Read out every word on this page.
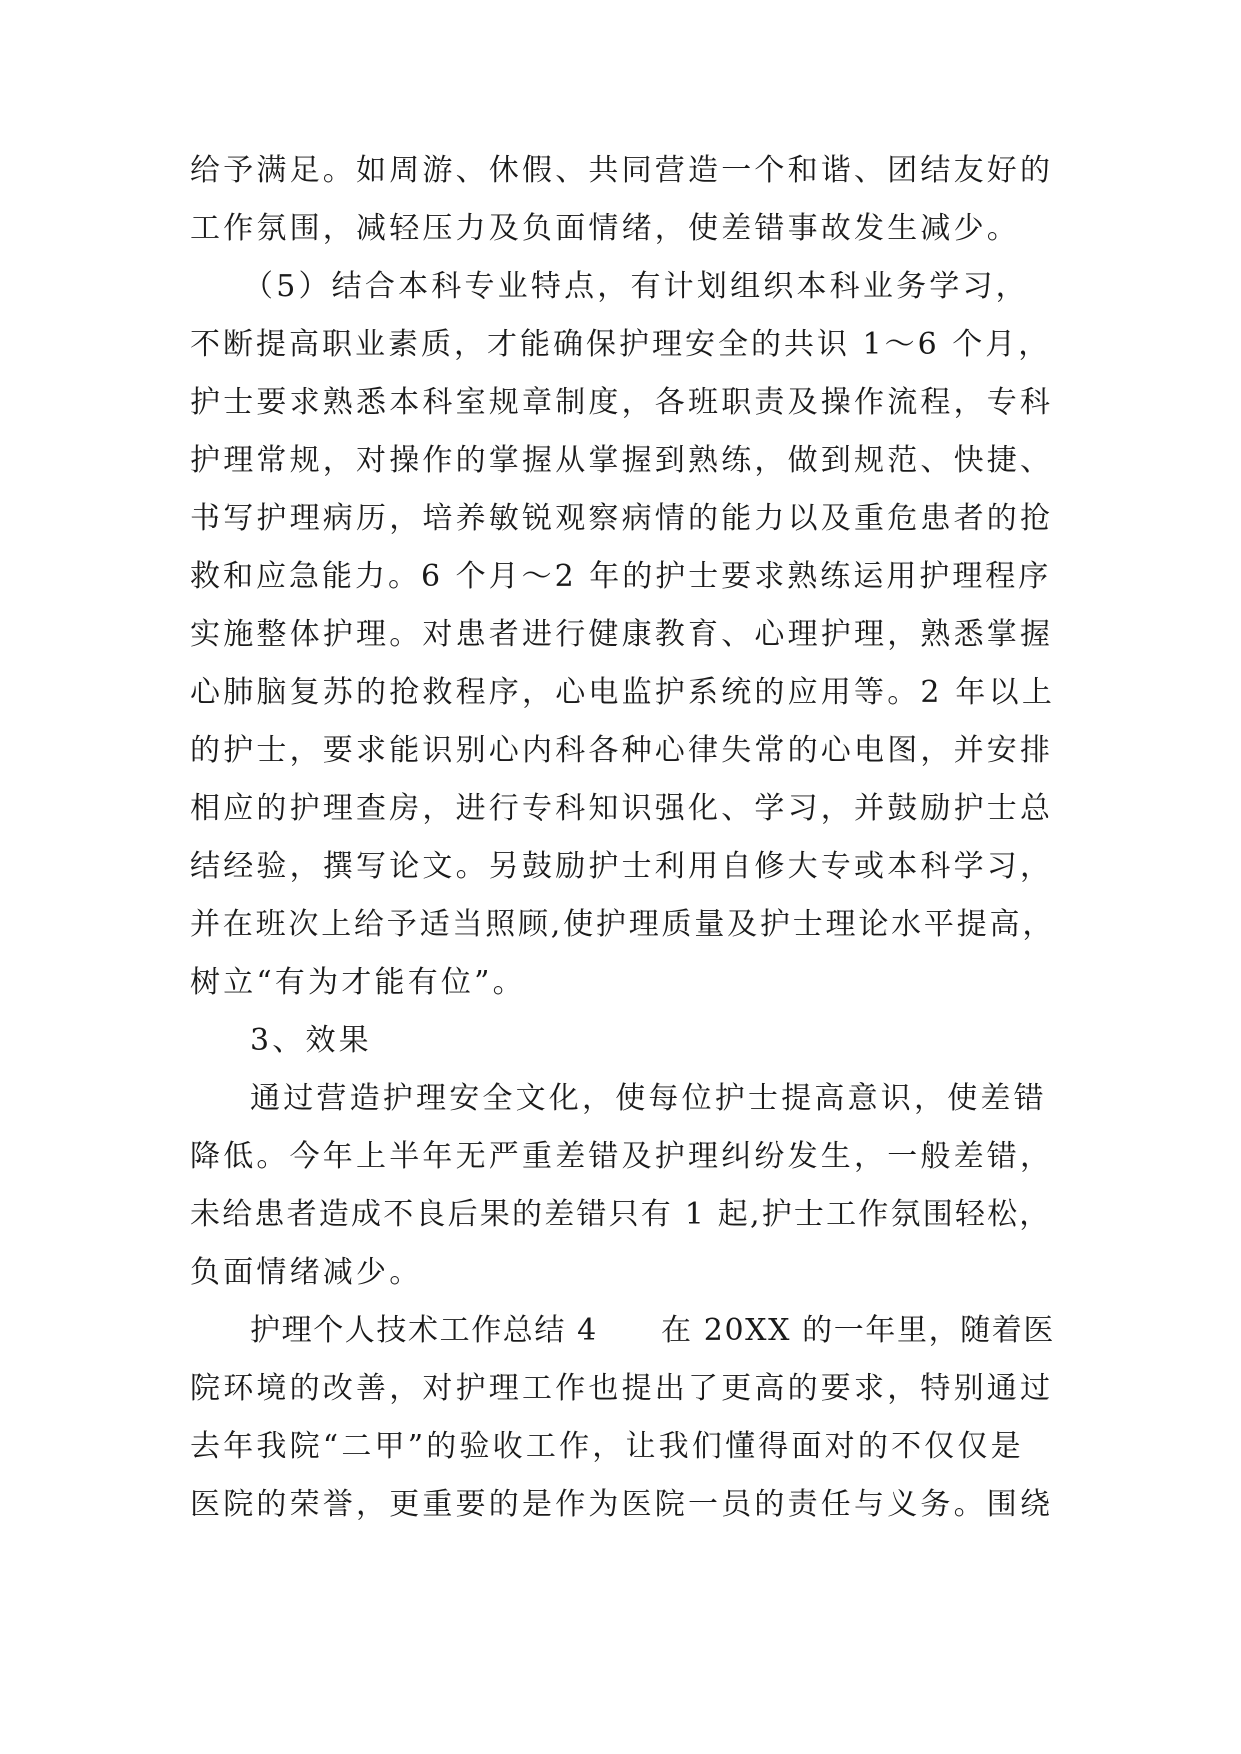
给予满足。如周游、休假、共同营造一个和谐、团结友好的
工作氛围，减轻压力及负面情绪，使差错事故发生减少。
（5）结合本科专业特点，有计划组织本科业务学习，
不断提高职业素质，才能确保护理安全的共识 1～6 个月，
护士要求熟悉本科室规章制度，各班职责及操作流程，专科
护理常规，对操作的掌握从掌握到熟练，做到规范、快捷、
书写护理病历，培养敏锐观察病情的能力以及重危患者的抢
救和应急能力。6 个月～2 年的护士要求熟练运用护理程序
实施整体护理。对患者进行健康教育、心理护理，熟悉掌握
心肺脑复苏的抢救程序，心电监护系统的应用等。2 年以上
的护士，要求能识别心内科各种心律失常的心电图，并安排
相应的护理查房，进行专科知识强化、学习，并鼓励护士总
结经验，撰写论文。另鼓励护士利用自修大专或本科学习，
并在班次上给予适当照顾,使护理质量及护士理论水平提高，
树立“有为才能有位”。
3、效果
通过营造护理安全文化，使每位护士提高意识，使差错
降低。今年上半年无严重差错及护理纠纷发生，一般差错，
未给患者造成不良后果的差错只有 1 起,护士工作氛围轻松，
负面情绪减少。
护理个人技术工作总结 4　　在 20XX 的一年里，随着医
院环境的改善，对护理工作也提出了更高的要求，特别通过
去年我院“二甲”的验收工作，让我们懂得面对的不仅仅是
医院的荣誉，更重要的是作为医院一员的责任与义务。围绕
